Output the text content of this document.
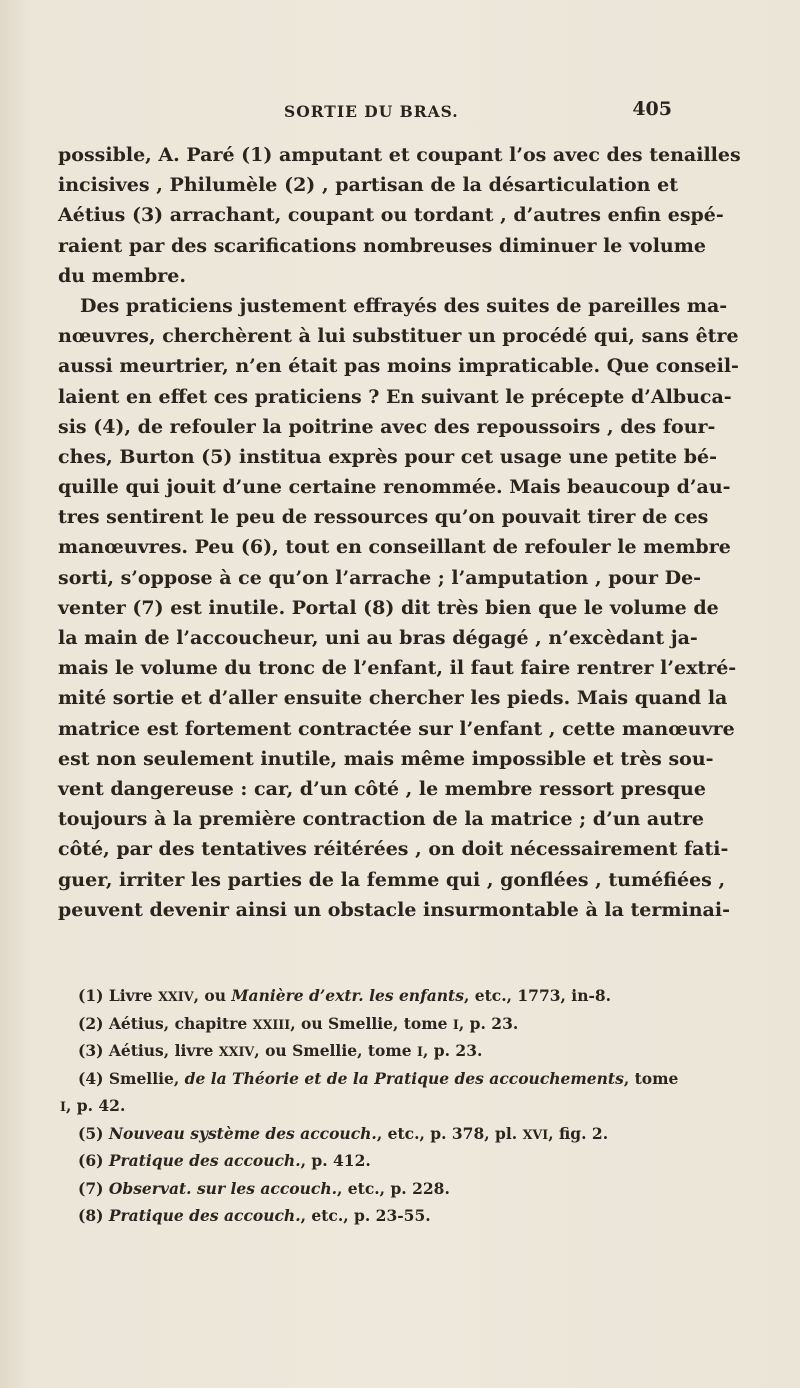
SORTIE DU BRAS.	405
possible, A. Paré (1) amputant et coupant l’os avec des tenailles
incisives , Philumèle (2) , partisan de la désarticulation et
Aétius (3) arrachant, coupant ou tordant , d’autres enfin espé-
raient par des scarifications nombreuses diminuer le volume
du membre.
Des praticiens justement effrayés des suites de pareilles ma-
nœuvres, cherchèrent à lui substituer un procédé qui, sans être
aussi meurtrier, n’en était pas moins impraticable. Que conseil-
laient en effet ces praticiens ? En suivant le précepte d’Albuca-
sis (4), de refouler la poitrine avec des repoussoirs , des four-
ches, Burton (5) institua exprès pour cet usage une petite bé-
quille qui jouit d’une certaine renommée. Mais beaucoup d’au-
tres sentirent le peu de ressources qu’on pouvait tirer de ces
manœuvres. Peu (6), tout en conseillant de refouler le membre
sorti, s’oppose à ce qu’on l’arrache ; l’amputation , pour De-
venter (7) est inutile. Portal (8) dit très bien que le volume de
la main de l’accoucheur, uni au bras dégagé , n’excèdant ja-
mais le volume du tronc de l’enfant, il faut faire rentrer l’extré-
mité sortie et d’aller ensuite chercher les pieds. Mais quand la
matrice est fortement contractée sur l’enfant , cette manœuvre
est non seulement inutile, mais même impossible et très sou-
vent dangereuse : car, d’un côté , le membre ressort presque
toujours à la première contraction de la matrice ; d’un autre
côté, par des tentatives réitérées , on doit nécessairement fati-
guer, irriter les parties de la femme qui , gonflées , tuméfiées ,
peuvent devenir ainsi un obstacle insurmontable à la terminai-
(1) Livre XXIV, ou Manière d’extr. les enfants, etc., 1773, in-8.
(2) Aétius, chapitre XXIII, ou Smellie, tome I, p. 23.
(3) Aétius, livre XXIV, ou Smellie, tome I, p. 23.
(4) Smellie, de la Théorie et de la Pratique des accouchements, tome
I, p. 42.
(5) Nouveau système des accouch., etc., p. 378, pl. XVI, fig. 2.
(6) Pratique des accouch., p. 412.
(7) Observat. sur les accouch., etc., p. 228.
(8) Pratique des accouch., etc., p. 23-55.
